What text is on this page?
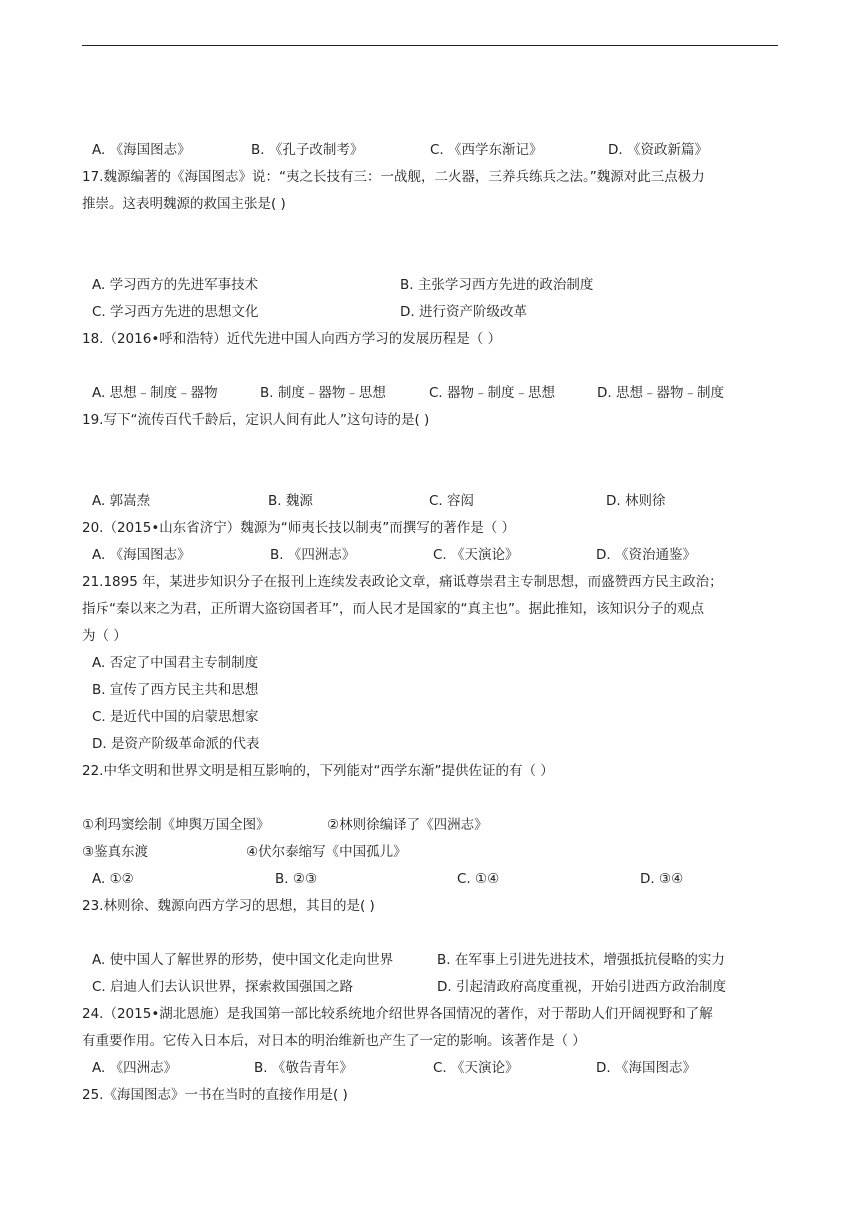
A. 《海国图志》	B. 《孔子改制考》	C. 《西学东渐记》	D. 《资政新篇》
17.魏源编著的《海国图志》说：“夷之长技有三：一战舰，二火器，三养兵练兵之法。”魏源对此三点极力
推崇。这表明魏源的救国主张是( )
A. 学习西方的先进军事技术	B. 主张学习西方先进的政治制度
C. 学习西方先进的思想文化	D. 进行资产阶级改革
18.（2016•呼和浩特）近代先进中国人向西方学习的发展历程是（ ）
A. 思想﹣制度﹣器物	B. 制度﹣器物﹣思想	C. 器物﹣制度﹣思想	D. 思想﹣器物﹣制度
19.写下“流传百代千龄后，定识人间有此人”这句诗的是( )
A. 郭嵩焘	B. 魏源	C. 容闳	D. 林则徐
20.（2015•山东省济宁）魏源为“师夷长技以制夷”而撰写的著作是（ ）
A. 《海国图志》	B. 《四洲志》	C. 《天演论》	D. 《资治通鉴》
21.1895 年，某进步知识分子在报刊上连续发表政论文章，痛诋尊崇君主专制思想，而盛赞西方民主政治；
指斥“秦以来之为君，正所谓大盗窃国者耳”，而人民才是国家的“真主也”。据此推知，该知识分子的观点
为（ ）
A. 否定了中国君主专制制度
B. 宣传了西方民主共和思想
C. 是近代中国的启蒙思想家
D. 是资产阶级革命派的代表
22.中华文明和世界文明是相互影响的，下列能对“西学东渐”提供佐证的有（ ）
①利玛窦绘制《坤舆万国全图》	②林则徐编译了《四洲志》
③鉴真东渡	④伏尔泰缩写《中国孤儿》
A. ①②	B. ②③	C. ①④	D. ③④
23.林则徐、魏源向西方学习的思想，其目的是( )
A. 使中国人了解世界的形势，使中国文化走向世界	B. 在军事上引进先进技术，增强抵抗侵略的实力
C. 启迪人们去认识世界，探索救国强国之路	D. 引起清政府高度重视，开始引进西方政治制度
24.（2015•湖北恩施）是我国第一部比较系统地介绍世界各国情况的著作，对于帮助人们开阔视野和了解
有重要作用。它传入日本后，对日本的明治维新也产生了一定的影响。该著作是（ ）
A. 《四洲志》	B. 《敬告青年》	C. 《天演论》	D. 《海国图志》
25.《海国图志》一书在当时的直接作用是( )
